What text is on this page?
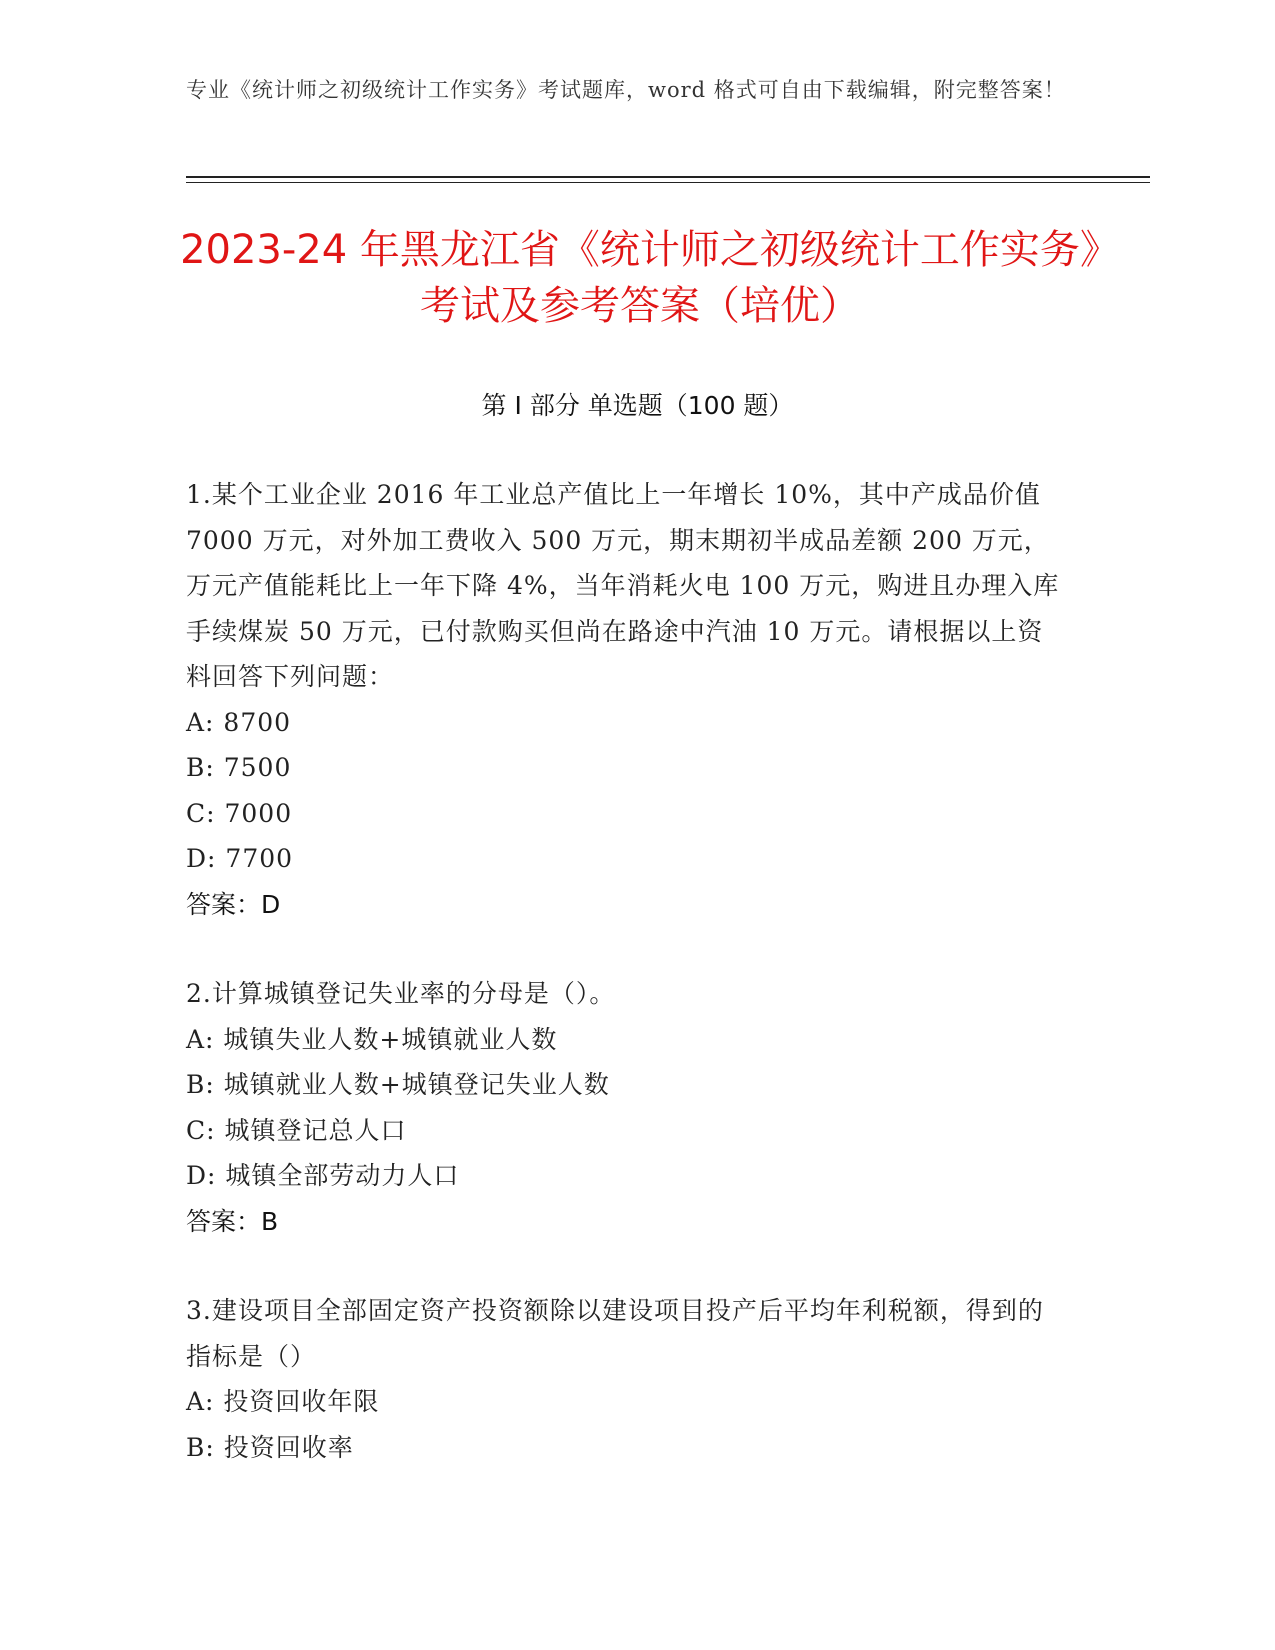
专业《统计师之初级统计工作实务》考试题库，word 格式可自由下载编辑，附完整答案！
2023-24 年黑龙江省《统计师之初级统计工作实务》考试及参考答案（培优）
第 I 部分 单选题（100 题）

1.某个工业企业 2016 年工业总产值比上一年增长 10%，其中产成品价值 7000 万元，对外加工费收入 500 万元，期末期初半成品差额 200 万元，万元产值能耗比上一年下降 4%，当年消耗火电 100 万元，购进且办理入库手续煤炭 50 万元，已付款购买但尚在路途中汽油 10 万元。请根据以上资料回答下列问题：

A: 8700

B: 7500

C: 7000

D: 7700

答案：D

2.计算城镇登记失业率的分母是（）。

A: 城镇失业人数+城镇就业人数

B: 城镇就业人数+城镇登记失业人数

C: 城镇登记总人口

D: 城镇全部劳动力人口

答案：B

3.建设项目全部固定资产投资额除以建设项目投产后平均年利税额，得到的指标是（）

A: 投资回收年限

B: 投资回收率
